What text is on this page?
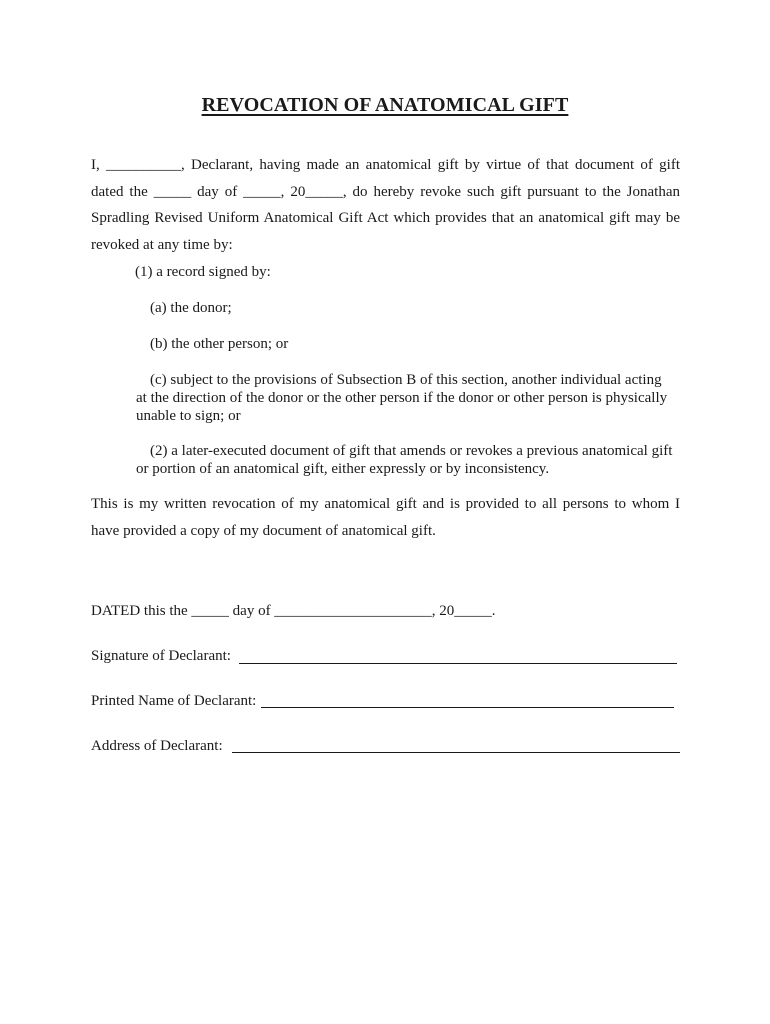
REVOCATION OF ANATOMICAL GIFT
I, __________, Declarant, having made an anatomical gift by virtue of that document of gift
dated the _____ day of _____, 20_____, do hereby revoke such gift pursuant to the Jonathan
Spradling Revised Uniform Anatomical Gift Act which provides that an anatomical gift may be
revoked at any time by:
(1) a record signed by:
(a) the donor;
(b) the other person; or
(c) subject to the provisions of Subsection B of this section, another individual acting
at the direction of the donor or the other person if the donor or other person is physically
unable to sign; or
(2) a later-executed document of gift that amends or revokes a previous anatomical gift
or portion of an anatomical gift, either expressly or by inconsistency.
This is my written revocation of my anatomical gift and is provided to all persons to whom I
have provided a copy of my document of anatomical gift.
DATED this the _____ day of _____________________, 20_____.
Signature of Declarant:
Printed Name of Declarant:
Address of Declarant:
